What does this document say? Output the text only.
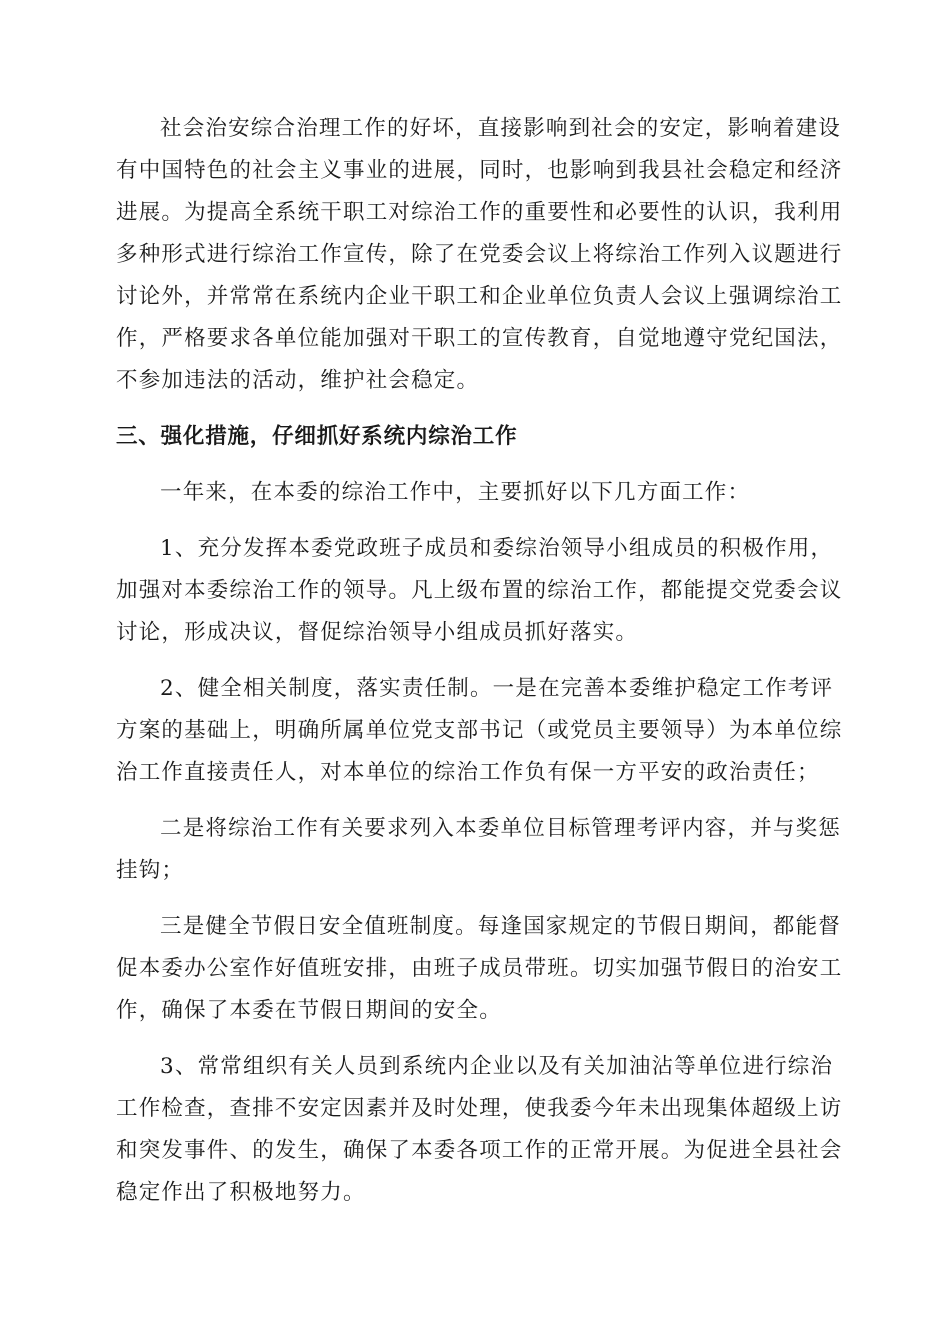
社会治安综合治理工作的好坏，直接影响到社会的安定，影响着建设
有中国特色的社会主义事业的进展，同时，也影响到我县社会稳定和经济
进展。为提高全系统干职工对综治工作的重要性和必要性的认识，我利用
多种形式进行综治工作宣传，除了在党委会议上将综治工作列入议题进行
讨论外，并常常在系统内企业干职工和企业单位负责人会议上强调综治工
作，严格要求各单位能加强对干职工的宣传教育，自觉地遵守党纪国法，
不参加违法的活动，维护社会稳定。
三、强化措施，仔细抓好系统内综治工作
一年来，在本委的综治工作中，主要抓好以下几方面工作：
1、充分发挥本委党政班子成员和委综治领导小组成员的积极作用，
加强对本委综治工作的领导。凡上级布置的综治工作，都能提交党委会议
讨论，形成决议，督促综治领导小组成员抓好落实。
2、健全相关制度，落实责任制。一是在完善本委维护稳定工作考评
方案的基础上，明确所属单位党支部书记（或党员主要领导）为本单位综
治工作直接责任人，对本单位的综治工作负有保一方平安的政治责任；
二是将综治工作有关要求列入本委单位目标管理考评内容，并与奖惩
挂钩；
三是健全节假日安全值班制度。每逢国家规定的节假日期间，都能督
促本委办公室作好值班安排，由班子成员带班。切实加强节假日的治安工
作，确保了本委在节假日期间的安全。
3、常常组织有关人员到系统内企业以及有关加油沾等单位进行综治
工作检查，查排不安定因素并及时处理，使我委今年未出现集体超级上访
和突发事件、的发生，确保了本委各项工作的正常开展。为促进全县社会
稳定作出了积极地努力。
